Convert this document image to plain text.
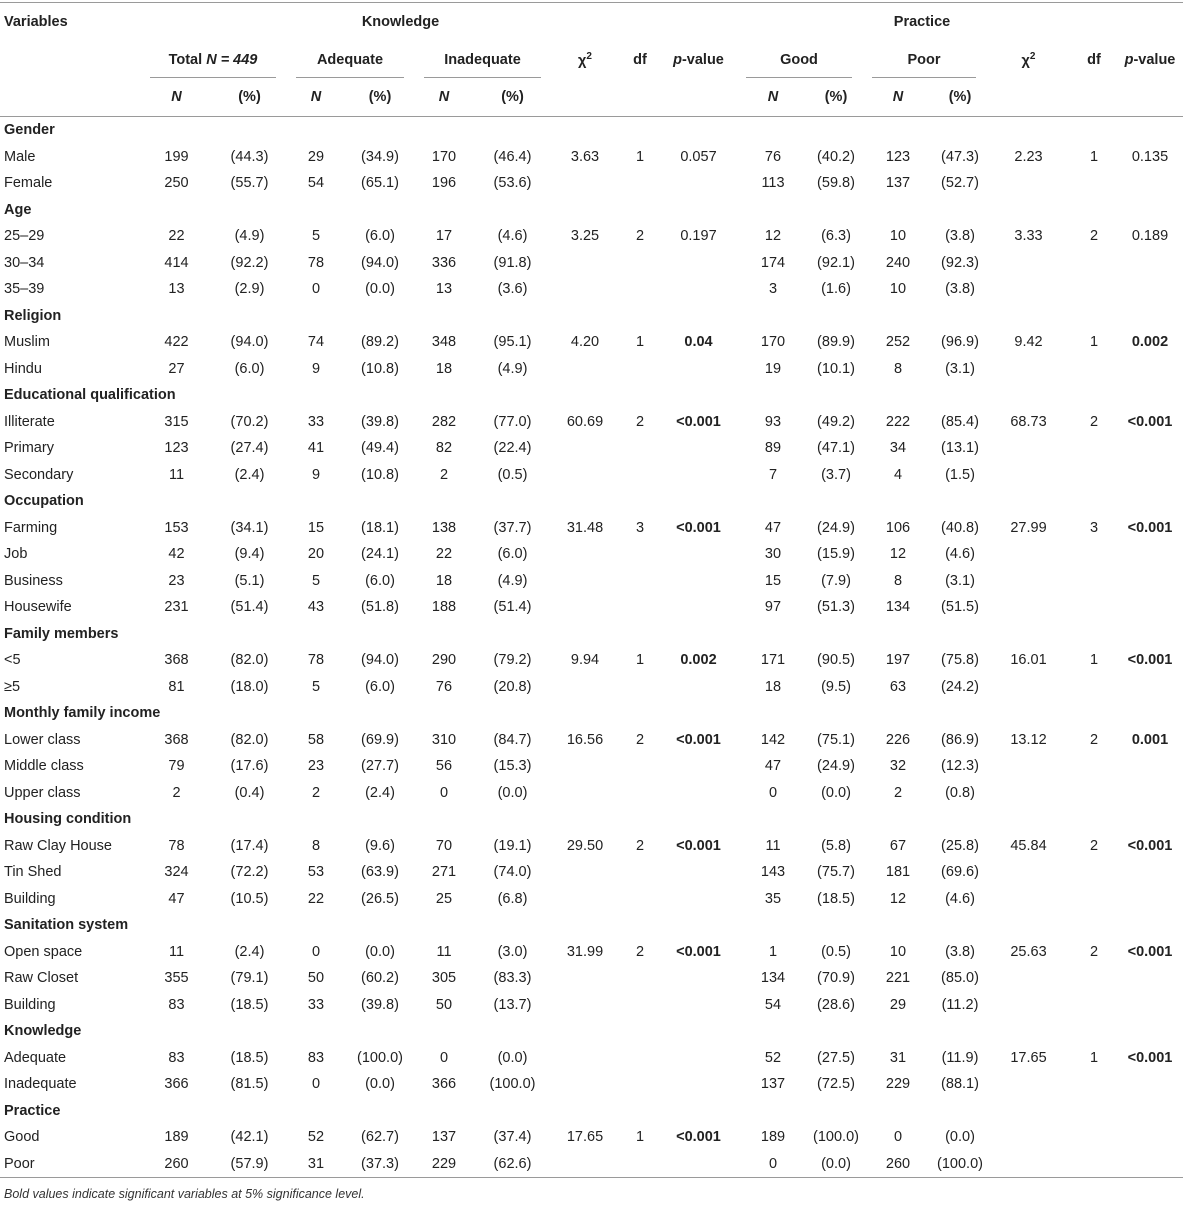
Variables	Knowledge								Practice							
	Total N = 449		Adequate		Inadequate		$\chi^2$	df	p-value	Good		Poor		$\chi^2$	df	p-value
	N	(%)	N	(%)	N	(%)				N	(%)	N	(%)			
Gender																
Male	199	(44.3)	29	(34.9)	170	(46.4)	3.63	1	0.057	76	(40.2)	123	(47.3)	2.23	1	0.135
Female	250	(55.7)	54	(65.1)	196	(53.6)				113	(59.8)	137	(52.7)			
Age																
25–29	22	(4.9)	5	(6.0)	17	(4.6)	3.25	2	0.197	12	(6.3)	10	(3.8)	3.33	2	0.189
30–34	414	(92.2)	78	(94.0)	336	(91.8)				174	(92.1)	240	(92.3)			
35–39	13	(2.9)	0	(0.0)	13	(3.6)				3	(1.6)	10	(3.8)			
Religion																
Muslim	422	(94.0)	74	(89.2)	348	(95.1)	4.20	1	0.04	170	(89.9)	252	(96.9)	9.42	1	0.002
Hindu	27	(6.0)	9	(10.8)	18	(4.9)				19	(10.1)	8	(3.1)			
Educational qualification																
Illiterate	315	(70.2)	33	(39.8)	282	(77.0)	60.69	2	<0.001	93	(49.2)	222	(85.4)	68.73	2	<0.001
Primary	123	(27.4)	41	(49.4)	82	(22.4)				89	(47.1)	34	(13.1)			
Secondary	11	(2.4)	9	(10.8)	2	(0.5)				7	(3.7)	4	(1.5)			
Occupation																
Farming	153	(34.1)	15	(18.1)	138	(37.7)	31.48	3	<0.001	47	(24.9)	106	(40.8)	27.99	3	<0.001
Job	42	(9.4)	20	(24.1)	22	(6.0)				30	(15.9)	12	(4.6)			
Business	23	(5.1)	5	(6.0)	18	(4.9)				15	(7.9)	8	(3.1)			
Housewife	231	(51.4)	43	(51.8)	188	(51.4)				97	(51.3)	134	(51.5)			
Family members																
<5	368	(82.0)	78	(94.0)	290	(79.2)	9.94	1	0.002	171	(90.5)	197	(75.8)	16.01	1	<0.001
≥5	81	(18.0)	5	(6.0)	76	(20.8)				18	(9.5)	63	(24.2)			
Monthly family income																
Lower class	368	(82.0)	58	(69.9)	310	(84.7)	16.56	2	<0.001	142	(75.1)	226	(86.9)	13.12	2	0.001
Middle class	79	(17.6)	23	(27.7)	56	(15.3)				47	(24.9)	32	(12.3)			
Upper class	2	(0.4)	2	(2.4)	0	(0.0)				0	(0.0)	2	(0.8)			
Housing condition																
Raw Clay House	78	(17.4)	8	(9.6)	70	(19.1)	29.50	2	<0.001	11	(5.8)	67	(25.8)	45.84	2	<0.001
Tin Shed	324	(72.2)	53	(63.9)	271	(74.0)				143	(75.7)	181	(69.6)			
Building	47	(10.5)	22	(26.5)	25	(6.8)				35	(18.5)	12	(4.6)			
Sanitation system																
Open space	11	(2.4)	0	(0.0)	11	(3.0)	31.99	2	<0.001	1	(0.5)	10	(3.8)	25.63	2	<0.001
Raw Closet	355	(79.1)	50	(60.2)	305	(83.3)				134	(70.9)	221	(85.0)			
Building	83	(18.5)	33	(39.8)	50	(13.7)				54	(28.6)	29	(11.2)			
Knowledge																
Adequate	83	(18.5)	83	(100.0)	0	(0.0)				52	(27.5)	31	(11.9)	17.65	1	<0.001
Inadequate	366	(81.5)	0	(0.0)	366	(100.0)				137	(72.5)	229	(88.1)			
Practice																
Good	189	(42.1)	52	(62.7)	137	(37.4)	17.65	1	<0.001	189	(100.0)	0	(0.0)			
Poor	260	(57.9)	31	(37.3)	229	(62.6)				0	(0.0)	260	(100.0)			
Bold values indicate significant variables at 5% significance level.
